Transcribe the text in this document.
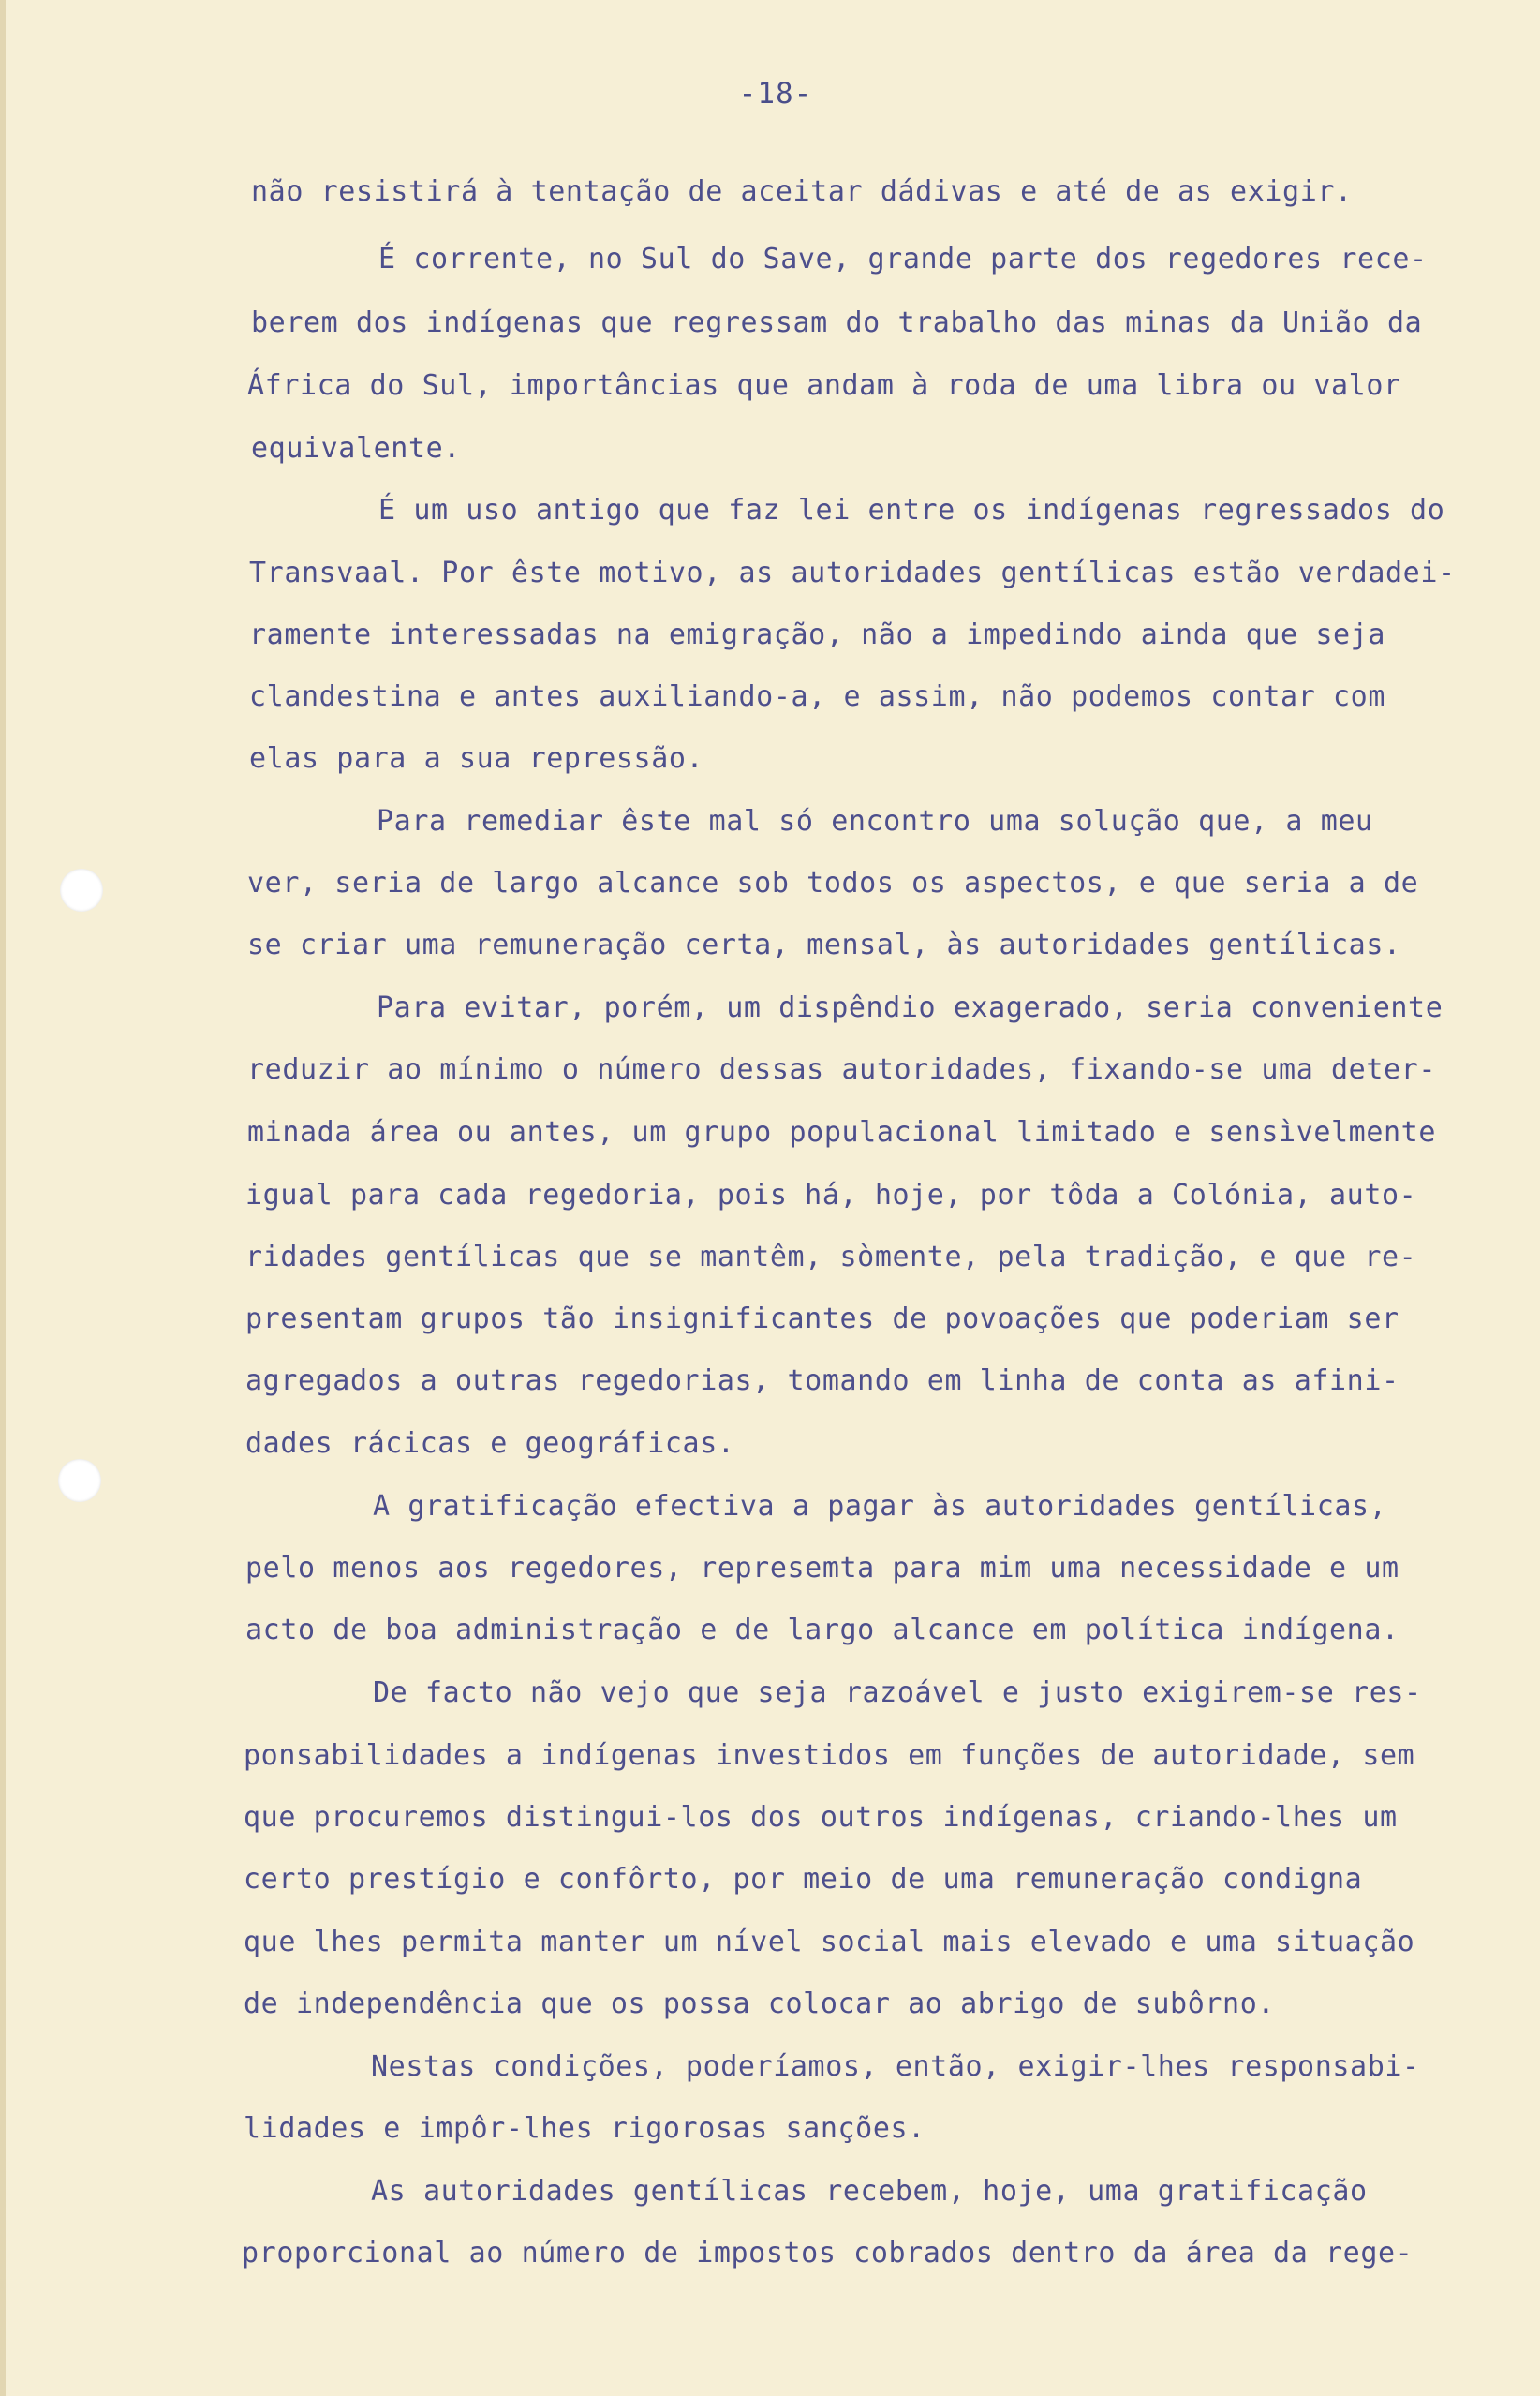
-18-
não resistirá à tentação de aceitar dádivas e até de as exigir.
É corrente, no Sul do Save, grande parte dos regedores rece-
berem dos indígenas que regressam do trabalho das minas da União da
África do Sul, importâncias que andam à roda de uma libra ou valor
equivalente.
É um uso antigo que faz lei entre os indígenas regressados do
Transvaal. Por êste motivo, as autoridades gentílicas estão verdadei-
ramente interessadas na emigração, não a impedindo ainda que seja
clandestina e antes auxiliando-a, e assim, não podemos contar com
elas para a sua repressão.
Para remediar êste mal só encontro uma solução que, a meu
ver, seria de largo alcance sob todos os aspectos, e que seria a de
se criar uma remuneração certa, mensal, às autoridades gentílicas.
Para evitar, porém, um dispêndio exagerado, seria conveniente
reduzir ao mínimo o número dessas autoridades, fixando-se uma deter-
minada área ou antes, um grupo populacional limitado e sensìvelmente
igual para cada regedoria, pois há, hoje, por tôda a Colónia, auto-
ridades gentílicas que se mantêm, sòmente, pela tradição, e que re-
presentam grupos tão insignificantes de povoações que poderiam ser
agregados a outras regedorias, tomando em linha de conta as afini-
dades rácicas e geográficas.
A gratificação efectiva a pagar às autoridades gentílicas,
pelo menos aos regedores, represemta para mim uma necessidade e um
acto de boa administração e de largo alcance em política indígena.
De facto não vejo que seja razoável e justo exigirem-se res-
ponsabilidades a indígenas investidos em funções de autoridade, sem
que procuremos distingui-los dos outros indígenas, criando-lhes um
certo prestígio e confôrto, por meio de uma remuneração condigna
que lhes permita manter um nível social mais elevado e uma situação
de independência que os possa colocar ao abrigo de subôrno.
Nestas condições, poderíamos, então, exigir-lhes responsabi-
lidades e impôr-lhes rigorosas sanções.
As autoridades gentílicas recebem, hoje, uma gratificação
proporcional ao número de impostos cobrados dentro da área da rege-
